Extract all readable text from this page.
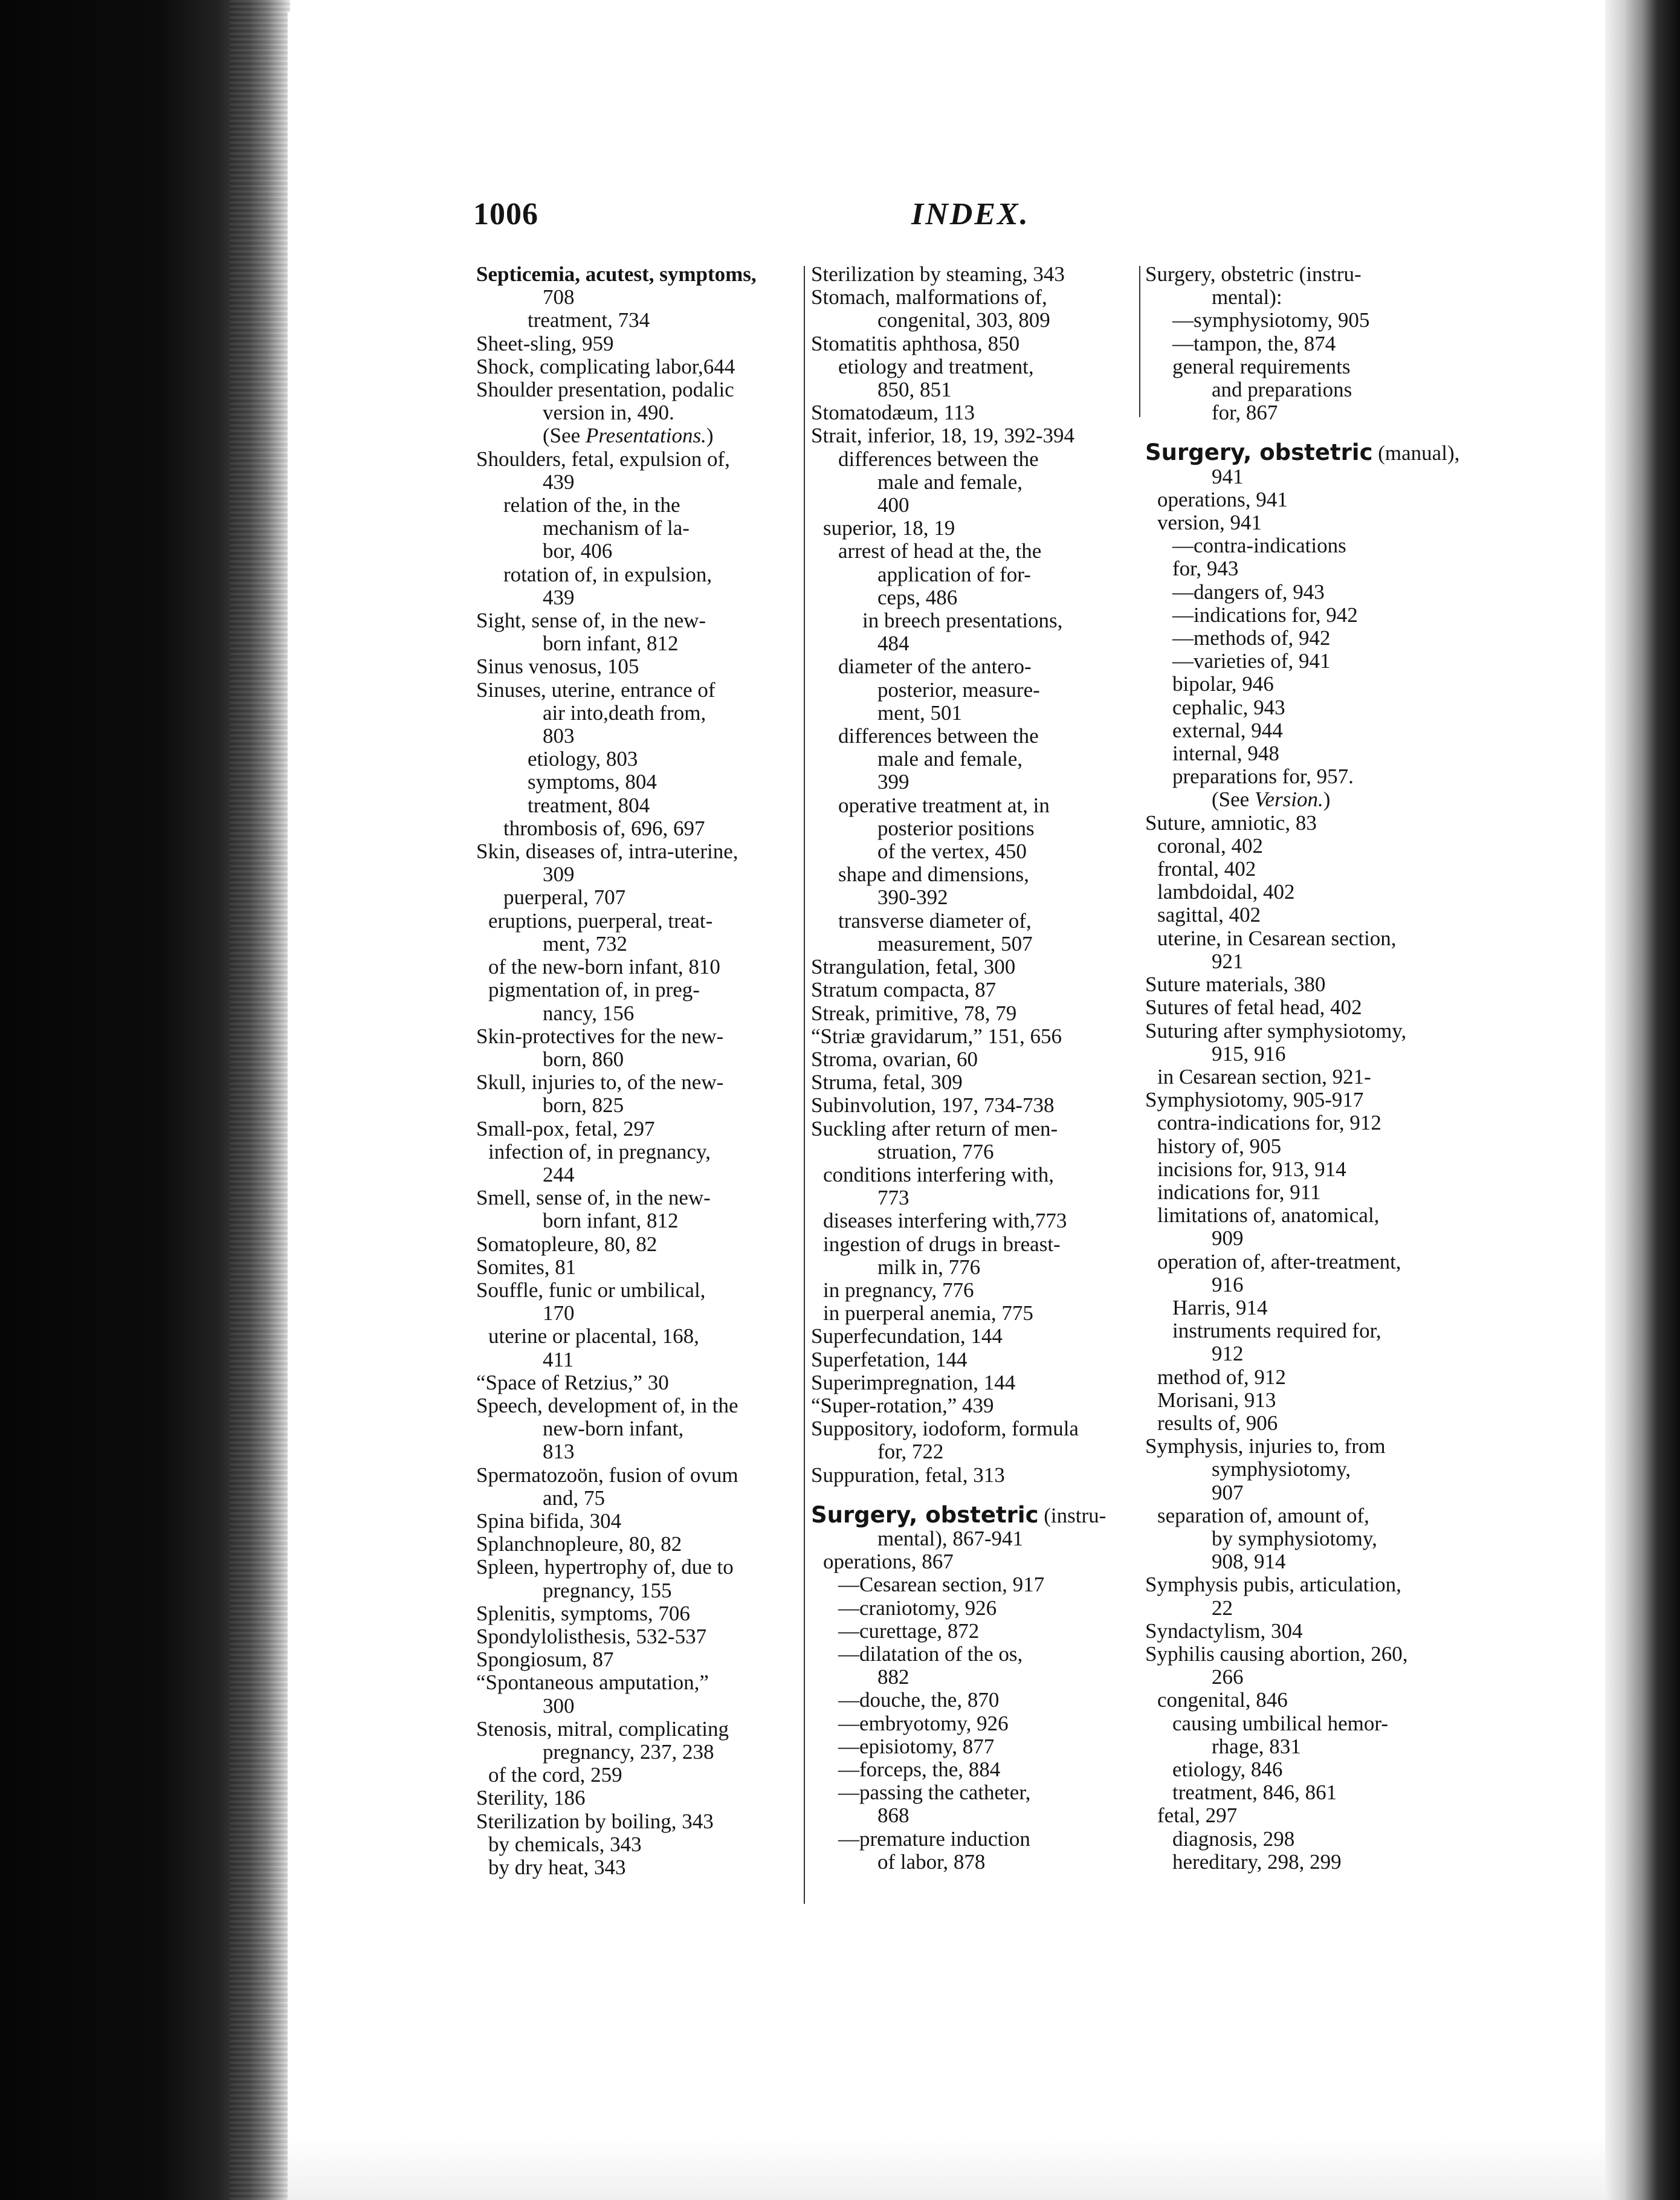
1006	INDEX.
Septicemia, acutest, symptoms,
708
treatment, 734
Sheet-sling, 959
Shock, complicating labor,644
Shoulder presentation, podalic
version in, 490.
(See Presentations.)
Shoulders, fetal, expulsion of,
439
relation of the, in the
mechanism of la-
bor, 406
rotation of, in expulsion,
439
Sight, sense of, in the new-
born infant, 812
Sinus venosus, 105
Sinuses, uterine, entrance of
air into,death from,
803
etiology, 803
symptoms, 804
treatment, 804
thrombosis of, 696, 697
Skin, diseases of, intra-uterine,
309
puerperal, 707
eruptions, puerperal, treat-
ment, 732
of the new-born infant, 810
pigmentation of, in preg-
nancy, 156
Skin-protectives for the new-
born, 860
Skull, injuries to, of the new-
born, 825
Small-pox, fetal, 297
infection of, in pregnancy,
244
Smell, sense of, in the new-
born infant, 812
Somatopleure, 80, 82
Somites, 81
Souffle, funic or umbilical,
170
uterine or placental, 168,
411
“Space of Retzius,” 30
Speech, development of, in the
new-born infant,
813
Spermatozoön, fusion of ovum
and, 75
Spina bifida, 304
Splanchnopleure, 80, 82
Spleen, hypertrophy of, due to
pregnancy, 155
Splenitis, symptoms, 706
Spondylolisthesis, 532-537
Spongiosum, 87
“Spontaneous amputation,”
300
Stenosis, mitral, complicating
pregnancy, 237, 238
of the cord, 259
Sterility, 186
Sterilization by boiling, 343
by chemicals, 343
by dry heat, 343
Sterilization by steaming, 343
Stomach, malformations of,
congenital, 303, 809
Stomatitis aphthosa, 850
etiology and treatment,
850, 851
Stomatodæum, 113
Strait, inferior, 18, 19, 392-394
differences between the
male and female,
400
superior, 18, 19
arrest of head at the, the
application of for-
ceps, 486
in breech presentations,
484
diameter of the antero-
posterior, measure-
ment, 501
differences between the
male and female,
399
operative treatment at, in
posterior positions
of the vertex, 450
shape and dimensions,
390-392
transverse diameter of,
measurement, 507
Strangulation, fetal, 300
Stratum compacta, 87
Streak, primitive, 78, 79
“Striæ gravidarum,” 151, 656
Stroma, ovarian, 60
Struma, fetal, 309
Subinvolution, 197, 734-738
Suckling after return of men-
struation, 776
conditions interfering with,
773
diseases interfering with,773
ingestion of drugs in breast-
milk in, 776
in pregnancy, 776
in puerperal anemia, 775
Superfecundation, 144
Superfetation, 144
Superimpregnation, 144
“Super-rotation,” 439
Suppository, iodoform, formula
for, 722
Suppuration, fetal, 313
Surgery, obstetric (instru-
mental), 867-941
operations, 867
—Cesarean section, 917
—craniotomy, 926
—curettage, 872
—dilatation of the os,
882
—douche, the, 870
—embryotomy, 926
—episiotomy, 877
—forceps, the, 884
—passing the catheter,
868
—premature induction
of labor, 878
Surgery, obstetric (instru-
mental):
—symphysiotomy, 905
—tampon, the, 874
general requirements
and preparations
for, 867
Surgery, obstetric (manual),
941
operations, 941
version, 941
—contra-indications
for, 943
—dangers of, 943
—indications for, 942
—methods of, 942
—varieties of, 941
bipolar, 946
cephalic, 943
external, 944
internal, 948
preparations for, 957.
(See Version.)
Suture, amniotic, 83
coronal, 402
frontal, 402
lambdoidal, 402
sagittal, 402
uterine, in Cesarean section,
921
Suture materials, 380
Sutures of fetal head, 402
Suturing after symphysiotomy,
915, 916
in Cesarean section, 921-
Symphysiotomy, 905-917
contra-indications for, 912
history of, 905
incisions for, 913, 914
indications for, 911
limitations of, anatomical,
909
operation of, after-treatment,
916
Harris, 914
instruments required for,
912
method of, 912
Morisani, 913
results of, 906
Symphysis, injuries to, from
symphysiotomy,
907
separation of, amount of,
by symphysiotomy,
908, 914
Symphysis pubis, articulation,
22
Syndactylism, 304
Syphilis causing abortion, 260,
266
congenital, 846
causing umbilical hemor-
rhage, 831
etiology, 846
treatment, 846, 861
fetal, 297
diagnosis, 298
hereditary, 298, 299
